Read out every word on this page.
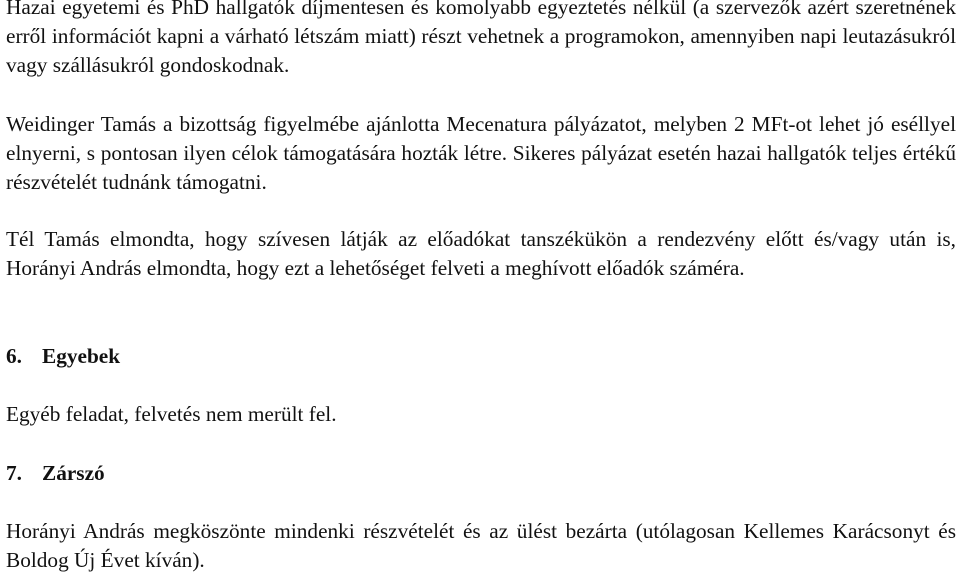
Hazai egyetemi és PhD hallgatók díjmentesen és komolyabb egyeztetés nélkül (a szervezők azért szeretnének erről információt kapni a várható létszám miatt) részt vehetnek a programokon, amennyiben napi leutazásukról vagy szállásukról gondoskodnak.

Weidinger Tamás a bizottság figyelmébe ajánlotta Mecenatura pályázatot, melyben 2 MFt-ot lehet jó eséllyel elnyerni, s pontosan ilyen célok támogatására hozták létre. Sikeres pályázat esetén hazai hallgatók teljes értékű részvételét tudnánk támogatni.

Tél Tamás elmondta, hogy szívesen látják az előadókat tanszékükön a rendezvény előtt és/vagy után is, Horányi András elmondta, hogy ezt a lehetőséget felveti a meghívott előadók száméra.

6. Egyebek

Egyéb feladat, felvetés nem merült fel.

7. Zárszó

Horányi András megköszönte mindenki részvételét és az ülést bezárta (utólagosan Kellemes Karácsonyt és Boldog Új Évet kíván).
